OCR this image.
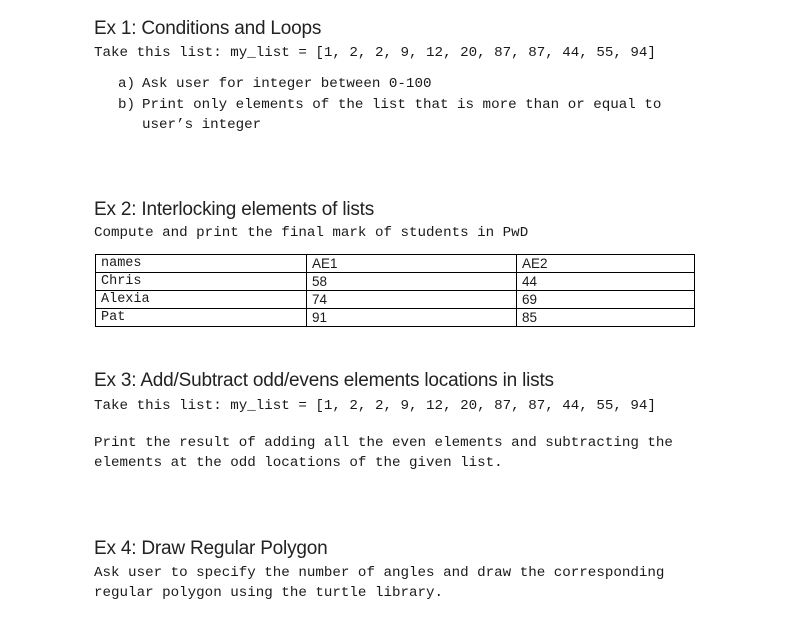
Ex 1: Conditions and Loops
Take this list: my_list = [1, 2, 2, 9, 12, 20, 87, 87, 44, 55, 94]
a) Ask user for integer between 0-100
b) Print only elements of the list that is more than or equal to
user’s integer
Ex 2: Interlocking elements of lists
Compute and print the final mark of students in PwD
names	AE1	AE2
Chris	58	44
Alexia	74	69
Pat	91	85
Ex 3: Add/Subtract odd/evens elements locations in lists
Take this list: my_list = [1, 2, 2, 9, 12, 20, 87, 87, 44, 55, 94]
Print the result of adding all the even elements and subtracting the
elements at the odd locations of the given list.
Ex 4: Draw Regular Polygon
Ask user to specify the number of angles and draw the corresponding
regular polygon using the turtle library.
